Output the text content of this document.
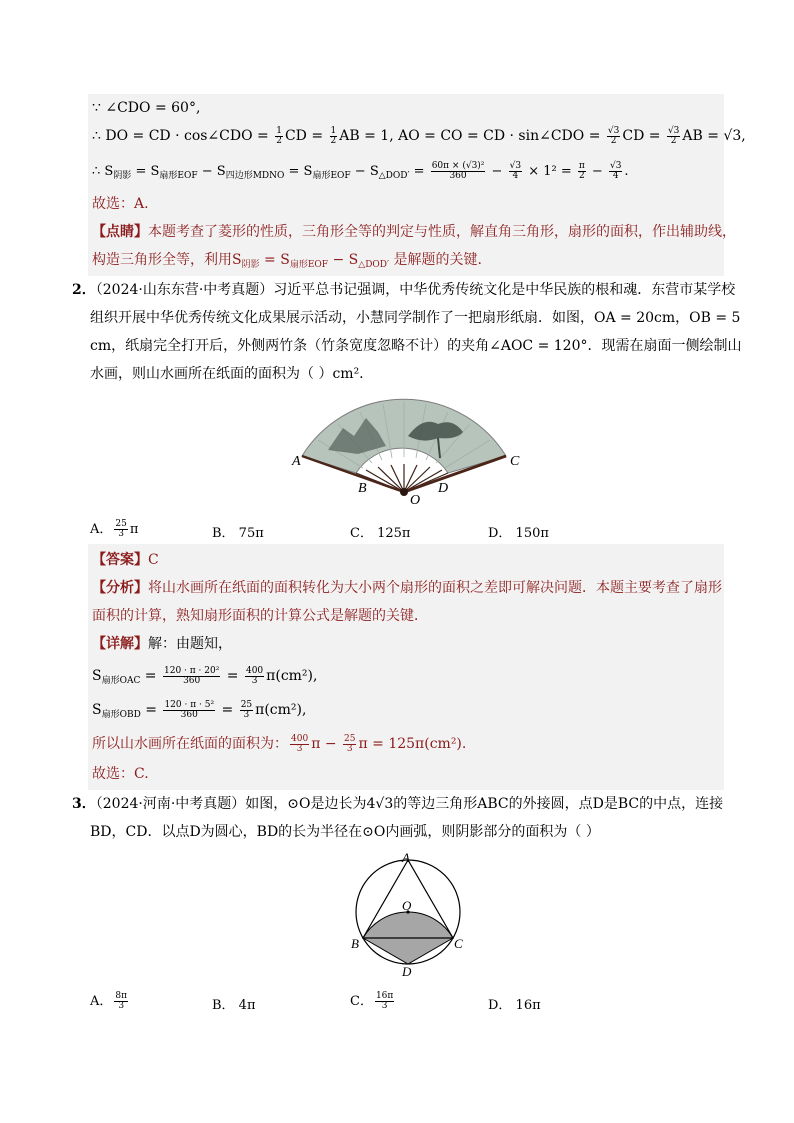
∵ ∠CDO = 60°,
∴ DO = CD · cos∠CDO = $\frac{1}{2}$ CD = $\frac{1}{2}$ AB = 1, AO = CO = CD · sin∠CDO = $\frac{√3}{2}$ CD = $\frac{√3}{2}$ AB = √3,
∴ $S_{阴影} = S_{扇形EOF} - S_{四边形MDNO} = S_{扇形EOF} - S_{\triangle DOD'} = \frac{\text{60π × (√3)²}}{360} - \frac{√3}{4} \times 1^2 = \frac{\pi}{2} - \frac{√3}{4}$ .
故选：A.
【点睛】本题考查了菱形的性质，三角形全等的判定与性质，解直角三角形，扇形的面积，作出辅助线，
构造三角形全等，利用$S_{阴影} = S_{扇形EOF} - S_{\triangle DOD'}$ 是解题的关键.
2．（2024·山东东营·中考真题）习近平总书记强调，中华优秀传统文化是中华民族的根和魂．东营市某学校
组织开展中华优秀传统文化成果展示活动，小慧同学制作了一把扇形纸扇．如图，OA = 20cm，OB = 5
cm，纸扇完全打开后，外侧两竹条（竹条宽度忽略不计）的夹角∠AOC = 120°．现需在扇面一侧绘制山
水画，则山水画所在纸面的面积为（ ）cm².
A	C
B	D
O
A． $\frac{25}{3}$ π	B． 75π	C． 125π	D． 150π
【答案】C
【分析】将山水画所在纸面的面积转化为大小两个扇形的面积之差即可解决问题．本题主要考查了扇形
面积的计算，熟知扇形面积的计算公式是解题的关键．
【详解】解：由题知，
$S_{扇形OAC} = \frac{\text{120 · π · 20²}}{360} = \frac{400}{3} \pi(cm^2)$,
$S_{扇形OBD} = \frac{\text{120 · π · 5²}}{360} = \frac{25}{3} \pi(cm^2)$,
所以山水画所在纸面的面积为： $\frac{400}{3}$ $\pi - \frac{25}{3}$ π = 125π(cm²).
故选：C.
3．（2024·河南·中考真题）如图，⊙O是边长为4√3的等边三角形ABC的外接圆，点D是BC的中点，连接
BD，CD．以点D为圆心，BD的长为半径在⊙O内画弧，则阴影部分的面积为（ ）
A
O
B	C
D
A． $\frac{8\pi}{3}$	B． 4π	C． $\frac{16\pi}{3}$	D． 16π
